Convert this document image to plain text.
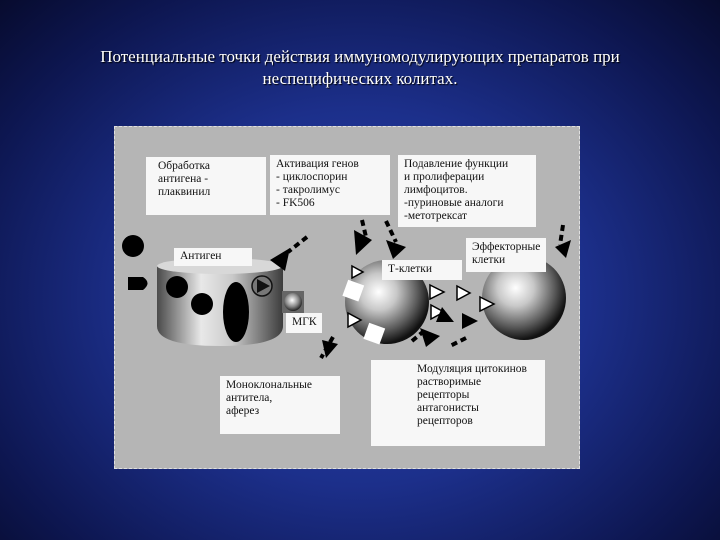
Потенциальные точки действия иммуномодулирующих препаратов при
неспецифических колитах.
Обработка
антигена -
плаквинил
Активация генов
- циклоспорин
- такролимус
- FK506
Подавление функции
и пролиферации
лимфоцитов.
-пуриновые аналоги
-метотрексат
Антиген
Эффекторные
клетки
Т-клетки
МГК
Моноклональные
антитела,
аферез
Модуляция цитокинов
растворимые
рецепторы
антагонисты
рецепторов
